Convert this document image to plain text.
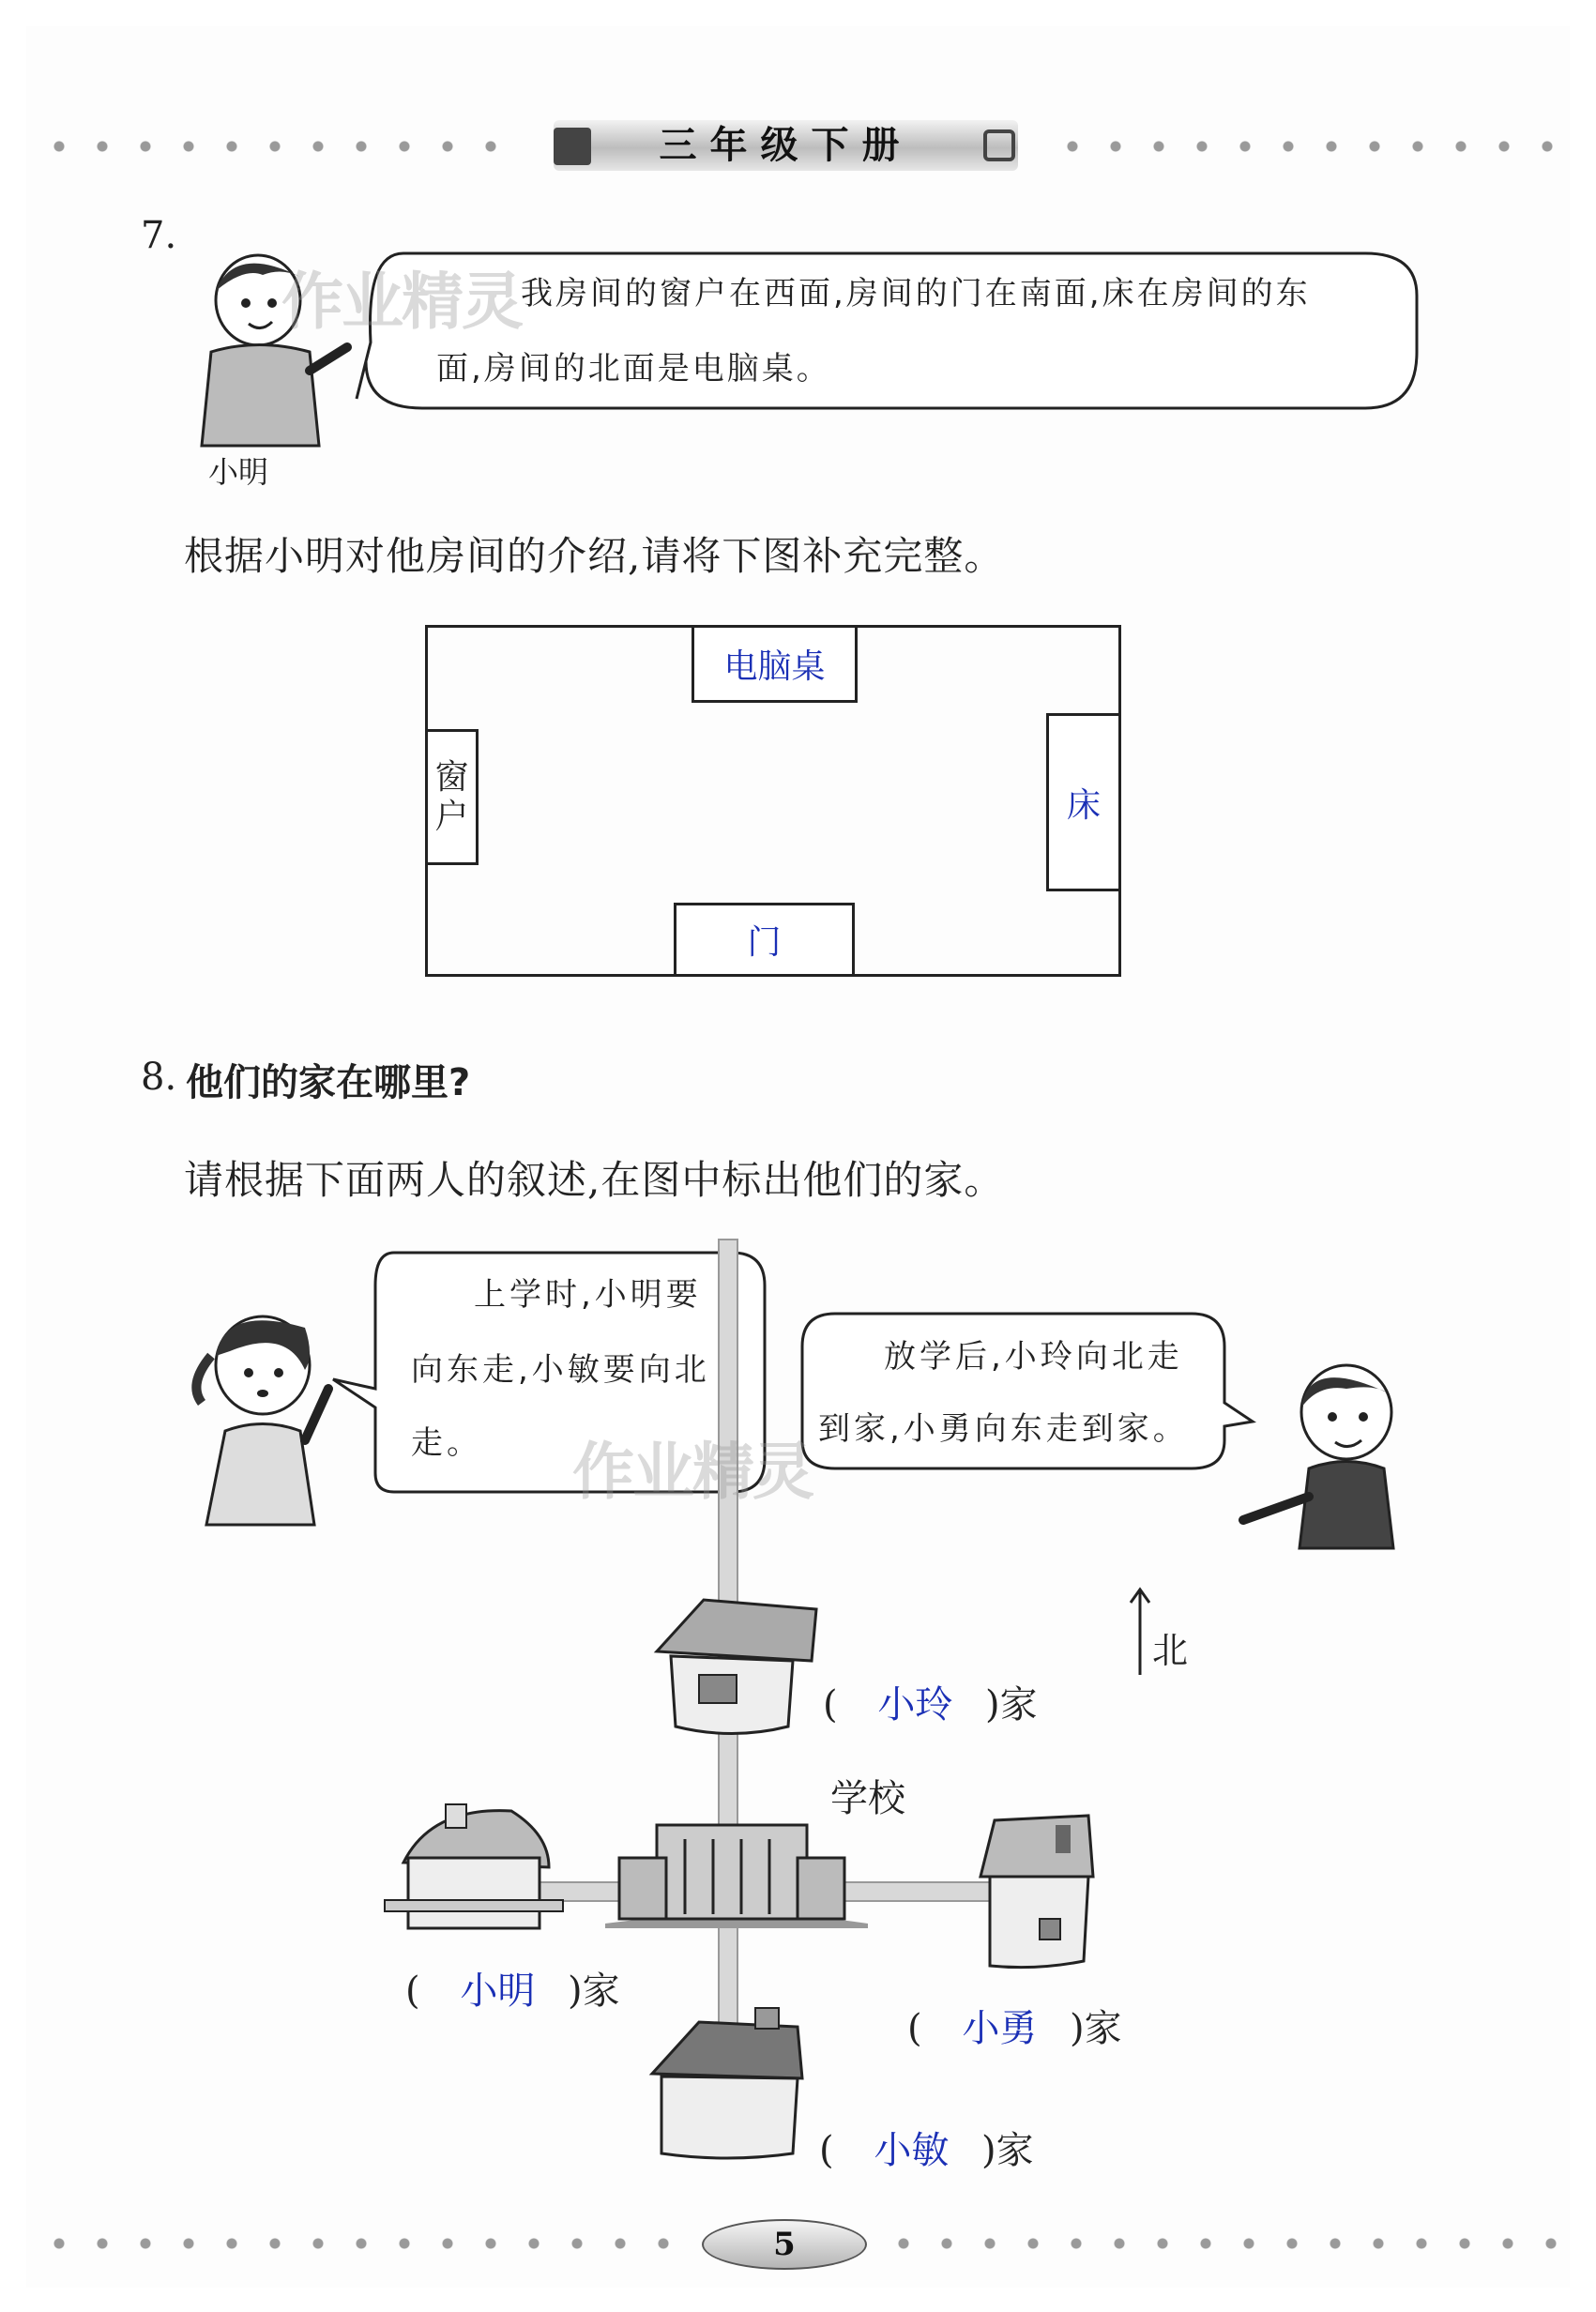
三年级下册
7.
小明
我房间的窗户在西面,房间的门在南面,床在房间的东
面,房间的北面是电脑桌。
根据小明对他房间的介绍,请将下图补充完整。
电脑桌
窗
户	床
门
8. 他们的家在哪里?
请根据下面两人的叙述,在图中标出他们的家。
上学时,小明要
向东走,小敏要向北
走。
放学后,小玲向北走
到家,小勇向东走到家。
北
学校
( 小玲 )家
( 小明 )家
( 小勇 )家
( 小敏 )家
作业精灵
作业精灵
5
